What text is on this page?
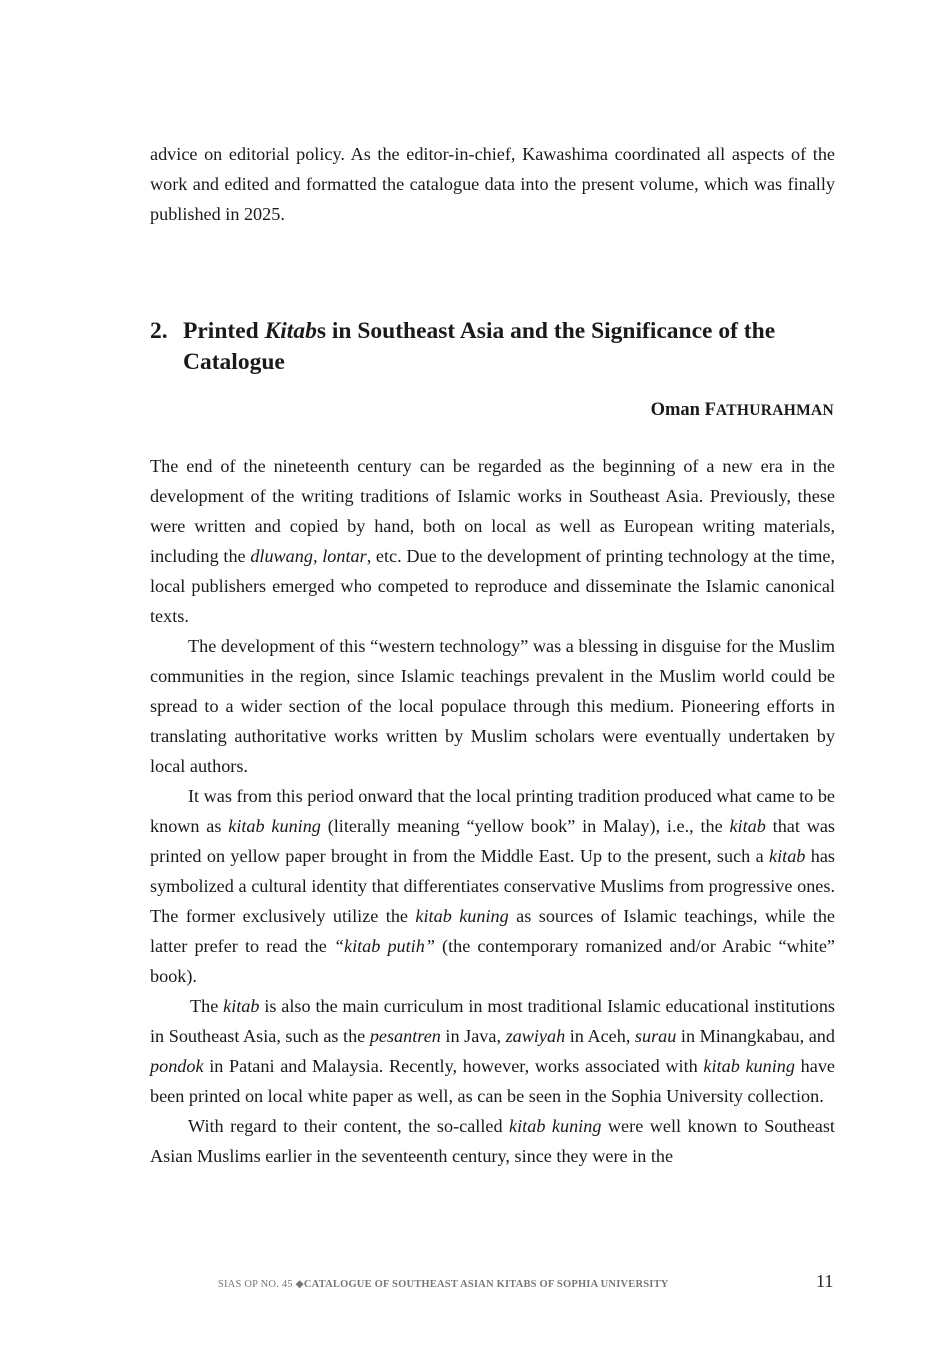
advice on editorial policy. As the editor-in-chief, Kawashima coordinated all aspects of the work and edited and formatted the catalogue data into the present volume, which was finally published in 2025.

2. Printed Kitabs in Southeast Asia and the Significance of the Catalogue
Oman FATHURAHMAN

The end of the nineteenth century can be regarded as the beginning of a new era in the development of the writing traditions of Islamic works in Southeast Asia. Previously, these were written and copied by hand, both on local as well as European writing materials, including the dluwang, lontar, etc. Due to the development of printing technology at the time, local publishers emerged who competed to reproduce and disseminate the Islamic canonical texts.

The development of this “western technology” was a blessing in disguise for the Muslim communities in the region, since Islamic teachings prevalent in the Muslim world could be spread to a wider section of the local populace through this medium. Pioneering efforts in translating authoritative works written by Muslim scholars were eventually undertaken by local authors.

It was from this period onward that the local printing tradition produced what came to be known as kitab kuning (literally meaning “yellow book” in Malay), i.e., the kitab that was printed on yellow paper brought in from the Middle East. Up to the present, such a kitab has symbolized a cultural identity that differentiates conservative Muslims from progressive ones. The former exclusively utilize the kitab kuning as sources of Islamic teachings, while the latter prefer to read the “kitab putih” (the contemporary romanized and/or Arabic “white” book).

The kitab is also the main curriculum in most traditional Islamic educational institutions in Southeast Asia, such as the pesantren in Java, zawiyah in Aceh, surau in Minangkabau, and pondok in Patani and Malaysia. Recently, however, works associated with kitab kuning have been printed on local white paper as well, as can be seen in the Sophia University collection.

With regard to their content, the so-called kitab kuning were well known to Southeast Asian Muslims earlier in the seventeenth century, since they were in the

SIAS OP NO. 45 ◆CATALOGUE OF SOUTHEAST ASIAN KITABS OF SOPHIA UNIVERSITY	11
